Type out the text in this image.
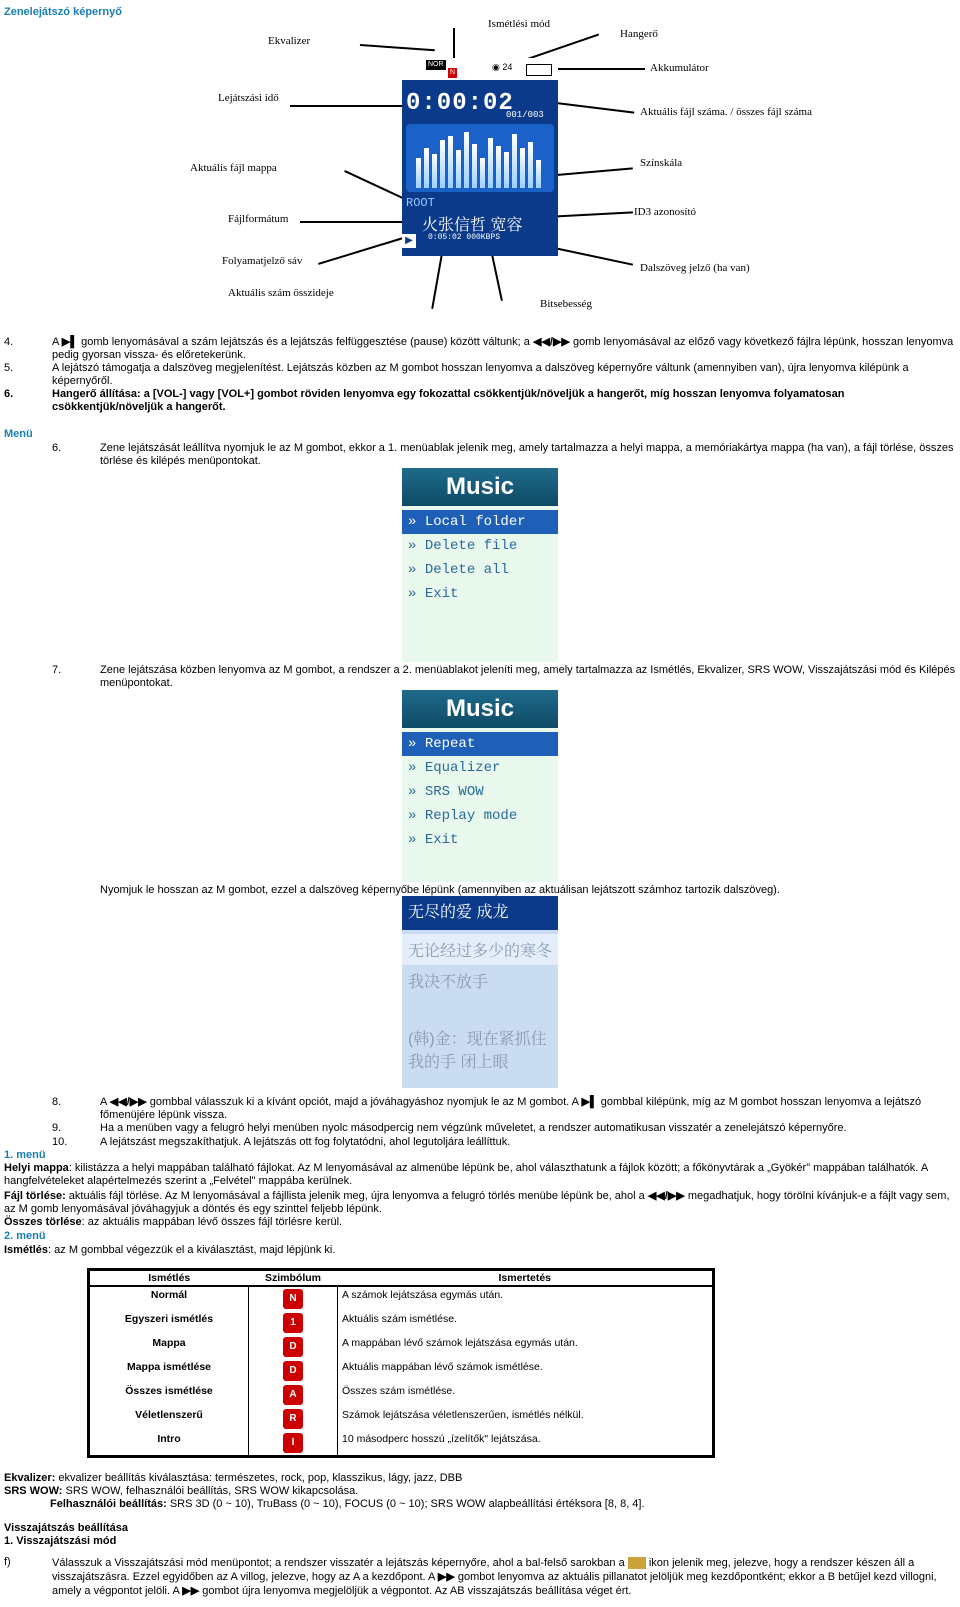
Zenelejátszó képernyő
Ekvalizer
Ismétlési mód
Hangerő
Akkumulátor
Lejátszási idő
Aktuális fájl száma. / összes fájl száma
Aktuális fájl mappa	Színskála
Fájlformátum
ID3 azonosító
Folyamatjelző sáv
Dalszöveg jelző (ha van)
Aktuális szám összideje
Bitsebesség
NOR
N
◉ 24
0:00:02
001/003
ROOT
火张信哲 宽容
▶	0:05:02 000KBPS
4.	A ▶▌ gomb lenyomásával a szám lejátszás és a lejátszás felfüggesztése (pause) között váltunk; a ◀◀/▶▶ gomb lenyomásával az előző vagy következő fájlra lépünk, hosszan lenyomva pedig gyorsan vissza- és előretekerünk.
5.	A lejátszó támogatja a dalszöveg megjelenítést. Lejátszás közben az M gombot hosszan lenyomva a dalszöveg képernyőre váltunk (amennyiben van), újra lenyomva kilépünk a képernyőről.
6.	Hangerő állítása: a [VOL-] vagy [VOL+] gombot röviden lenyomva egy fokozattal csökkentjük/növeljük a hangerőt, míg hosszan lenyomva folyamatosan csökkentjük/növeljük a hangerőt.
Menü
6.	Zene lejátszását leállítva nyomjuk le az M gombot, ekkor a 1. menüablak jelenik meg, amely tartalmazza a helyi mappa, a memóriakártya mappa (ha van), a fájl törlése, összes törlése és kilépés menüpontokat.
Music
» Local folder
» Delete file
» Delete all
» Exit
7.	Zene lejátszása közben lenyomva az M gombot, a rendszer a 2. menüablakot jeleníti meg, amely tartalmazza az Ismétlés, Ekvalizer, SRS WOW, Visszajátszási mód és Kilépés menüpontokat.
Music
» Repeat
» Equalizer
» SRS WOW
» Replay mode
» Exit
Nyomjuk le hosszan az M gombot, ezzel a dalszöveg képernyőbe lépünk (amennyiben az aktuálisan lejátszott számhoz tartozik dalszöveg).
无尽的爱 成龙
无论经过多少的寒冬
我决不放手
(韩)金：现在紧抓住我的手 闭上眼
8.	A ◀◀/▶▶ gombbal válasszuk ki a kívánt opciót, majd a jóváhagyáshoz nyomjuk le az M gombot. A ▶▌ gombbal kilépünk, míg az M gombot hosszan lenyomva a lejátszó főmenüjére lépünk vissza.
9.	Ha a menüben vagy a felugró helyi menüben nyolc másodpercig nem végzünk műveletet, a rendszer automatikusan visszatér a zenelejátszó képernyőre.
10.	A lejátszást megszakíthatjuk. A lejátszás ott fog folytatódni, ahol legutoljára leállíttuk.
1. menü
Helyi mappa: kilistázza a helyi mappában található fájlokat. Az M lenyomásával az almenübe lépünk be, ahol választhatunk a fájlok között; a főkönyvtárak a „Gyökér" mappában találhatók. A hangfelvételeket alapértelmezés szerint a „Felvétel" mappába kerülnek.
Fájl törlése: aktuális fájl törlése. Az M lenyomásával a fájllista jelenik meg, újra lenyomva a felugró törlés menübe lépünk be, ahol a ◀◀/▶▶ megadhatjuk, hogy törölni kívánjuk-e a fájlt vagy sem, az M gomb lenyomásával jóváhagyjuk a döntés és egy szinttel feljebb lépünk.
Összes törlése: az aktuális mappában lévő összes fájl törlésre kerül.
2. menü
Ismétlés: az M gombbal végezzük el a kiválasztást, majd lépjünk ki.
Ismétlés	Szimbólum	Ismertetés
Normál	N	A számok lejátszása egymás után.
Egyszeri ismétlés	1	Aktuális szám ismétlése.
Mappa	D	A mappában lévő számok lejátszása egymás után.
Mappa ismétlése	D	Aktuális mappában lévő számok ismétlése.
Összes ismétlése	A	Összes szám ismétlése.
Véletlenszerű	R	Számok lejátszása véletlenszerűen, ismétlés nélkül.
Intro	I	10 másodperc hosszú „ízelítők" lejátszása.
Ekvalizer: ekvalizer beállítás kiválasztása: természetes, rock, pop, klasszikus, lágy, jazz, DBB
SRS WOW: SRS WOW, felhasználói beállítás, SRS WOW kikapcsolása.
Felhasználói beállítás: SRS 3D (0 ~ 10), TruBass (0 ~ 10), FOCUS (0 ~ 10); SRS WOW alapbeállítási értéksora [8, 8, 4].
Visszajátszás beállítása
1. Visszajátszási mód
f)	Válasszuk a Visszajátszási mód menüpontot; a rendszer visszatér a lejátszás képernyőre, ahol a bal-felső sarokban a ikon jelenik meg, jelezve, hogy a rendszer készen áll a visszajátszásra. Ezzel egyidőben az A villog, jelezve, hogy az A a kezdőpont. A ▶▶ gombot lenyomva az aktuális pillanatot jelöljük meg kezdőpontként; ekkor a B betűjel kezd villogni, amely a végpontot jelöli. A ▶▶ gombot újra lenyomva megjelöljük a végpontot. Az AB visszajátszás beállítása véget ért.
